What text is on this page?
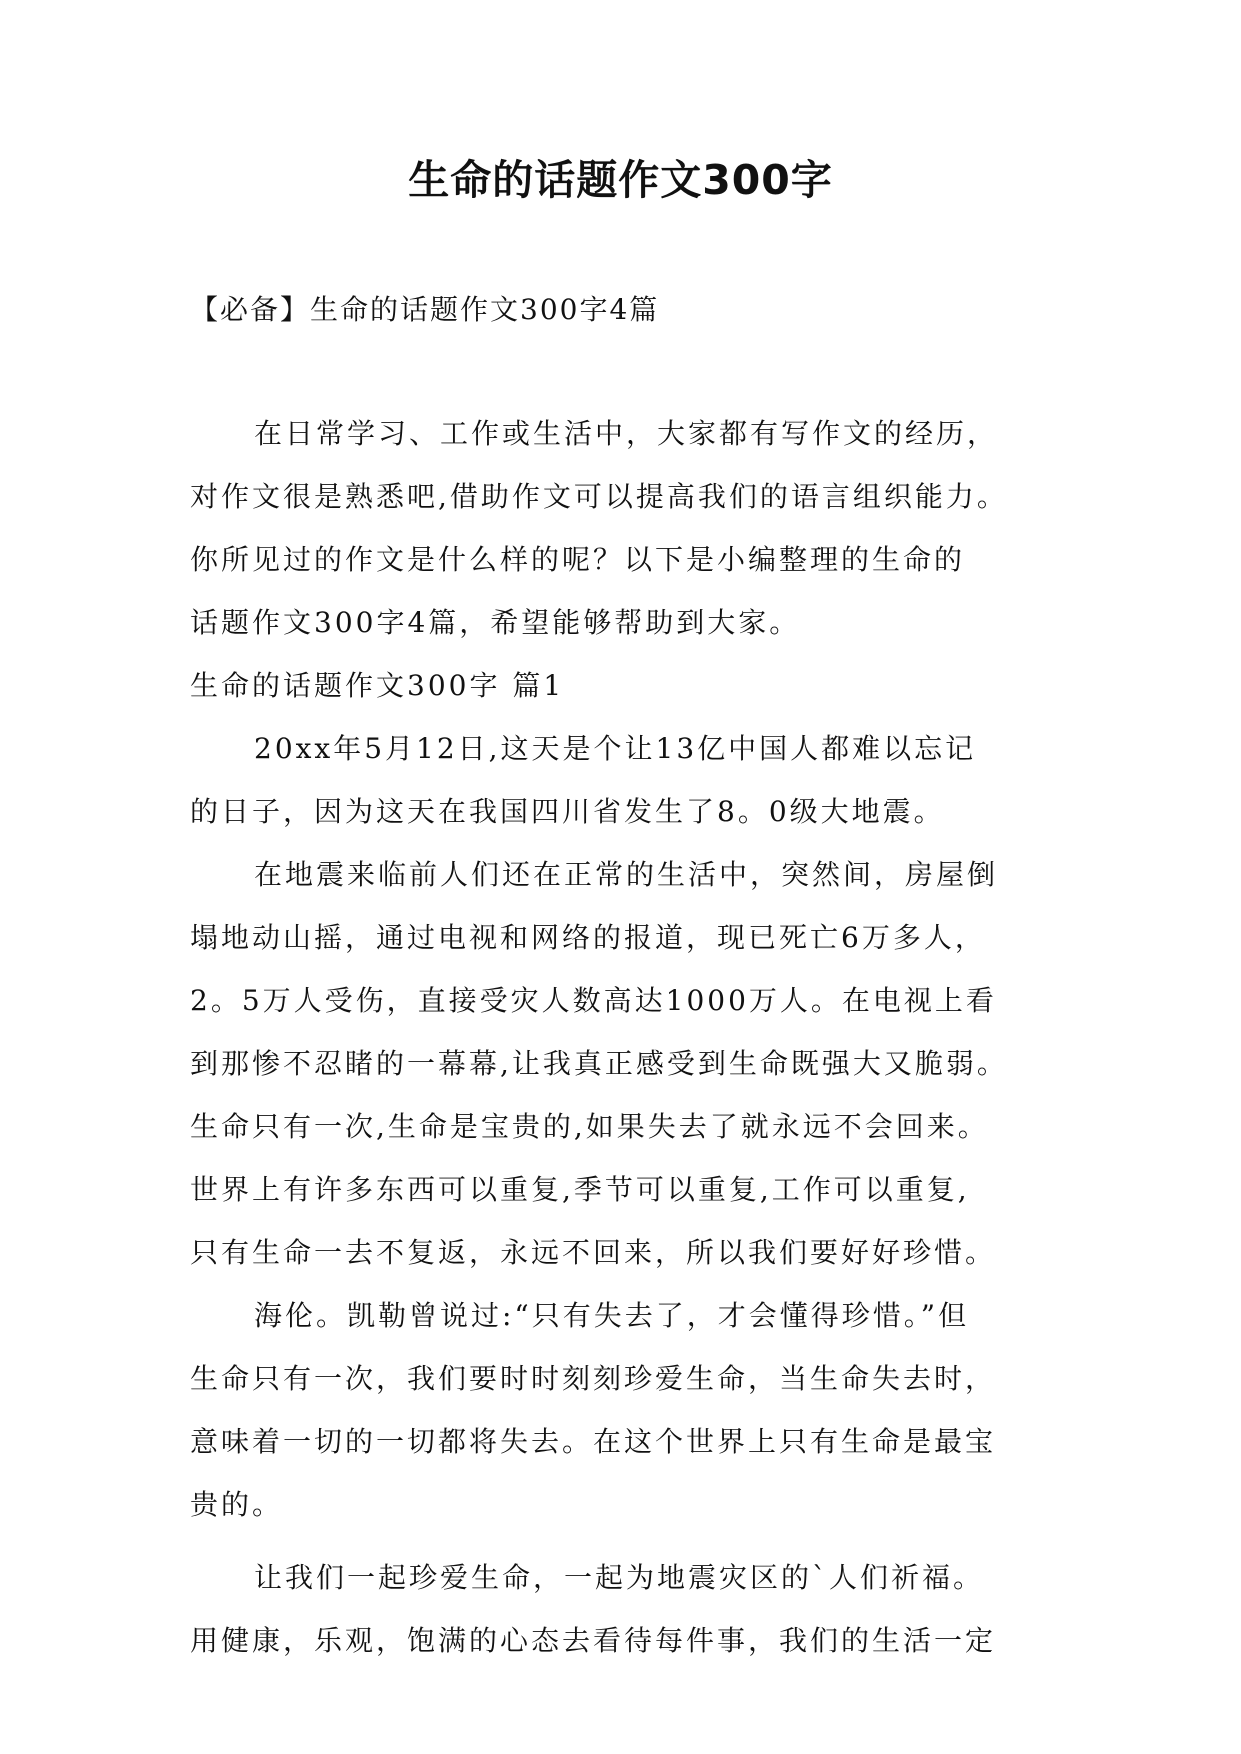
生命的话题作文300字

【必备】生命的话题作文300字4篇

在日常学习、工作或生活中，大家都有写作文的经历，
对作文很是熟悉吧,借助作文可以提高我们的语言组织能力。
你所见过的作文是什么样的呢？以下是小编整理的生命的
话题作文300字4篇，希望能够帮助到大家。
生命的话题作文300字 篇1
20xx年5月12日,这天是个让13亿中国人都难以忘记
的日子，因为这天在我国四川省发生了8。0级大地震。
在地震来临前人们还在正常的生活中，突然间，房屋倒
塌地动山摇，通过电视和网络的报道，现已死亡6万多人，
2。5万人受伤，直接受灾人数高达1000万人。在电视上看
到那惨不忍睹的一幕幕,让我真正感受到生命既强大又脆弱。
生命只有一次,生命是宝贵的,如果失去了就永远不会回来。
世界上有许多东西可以重复,季节可以重复,工作可以重复,
只有生命一去不复返，永远不回来，所以我们要好好珍惜。
海伦。凯勒曾说过:“只有失去了，才会懂得珍惜。”但
生命只有一次，我们要时时刻刻珍爱生命，当生命失去时，
意味着一切的一切都将失去。在这个世界上只有生命是最宝
贵的。
让我们一起珍爱生命，一起为地震灾区的`人们祈福。
用健康，乐观，饱满的心态去看待每件事，我们的生活一定
